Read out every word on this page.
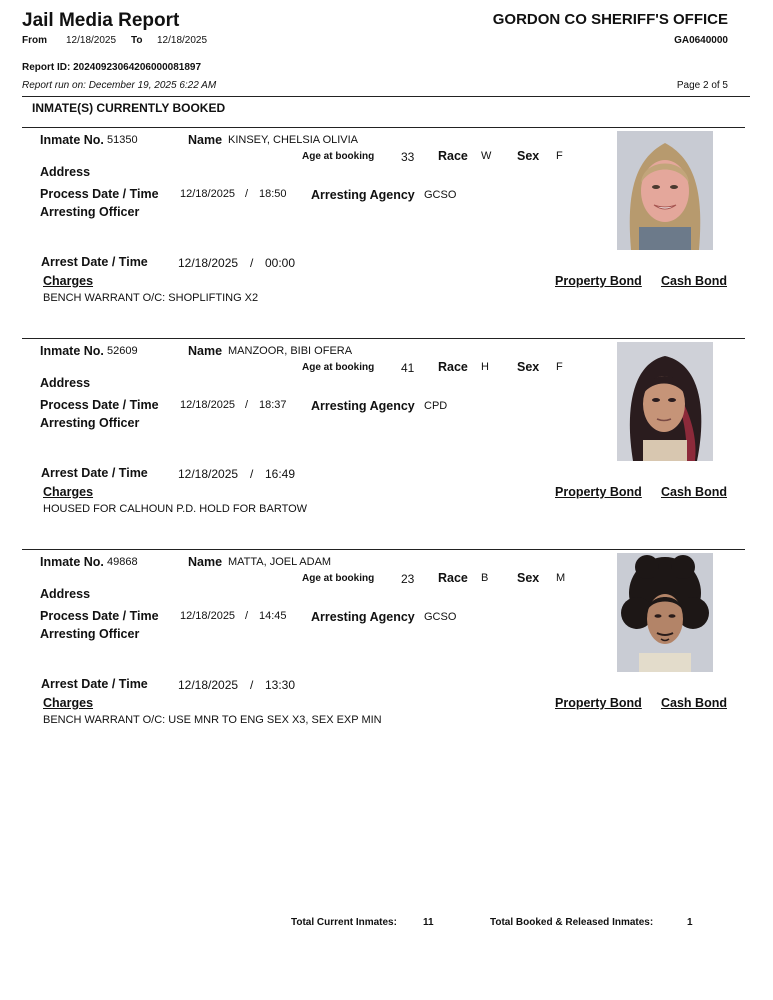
Jail Media Report	GORDON CO SHERIFF'S OFFICE
From 12/18/2025 To 12/18/2025	GA0640000
Report ID: 20240923064206000081897
Report run on: December 19, 2025 6:22 AM	Page 2 of 5
INMATE(S) CURRENTLY BOOKED
Inmate No. 51350	Name KINSEY, CHELSIA OLIVIA
Age at booking 33 Race W Sex F
Address
Process Date / Time 12/18/2025 / 18:50 Arresting Agency GCSO
Arresting Officer
Arrest Date / Time	12/18/2025 / 00:00
Charges	Property Bond Cash Bond
BENCH WARRANT O/C: SHOPLIFTING X2
Inmate No. 52609	Name MANZOOR, BIBI OFERA
Age at booking 41 Race H Sex F
Address
Process Date / Time 12/18/2025 / 18:37 Arresting Agency CPD
Arresting Officer
Arrest Date / Time	12/18/2025 / 16:49
Charges	Property Bond Cash Bond
HOUSED FOR CALHOUN P.D. HOLD FOR BARTOW
Inmate No. 49868	Name MATTA, JOEL ADAM
Age at booking 23 Race B Sex M
Address
Process Date / Time 12/18/2025 / 14:45 Arresting Agency GCSO
Arresting Officer
Arrest Date / Time	12/18/2025 / 13:30
Charges	Property Bond Cash Bond
BENCH WARRANT O/C: USE MNR TO ENG SEX X3, SEX EXP MIN
Total Current Inmates:	11	Total Booked & Released Inmates:	1
